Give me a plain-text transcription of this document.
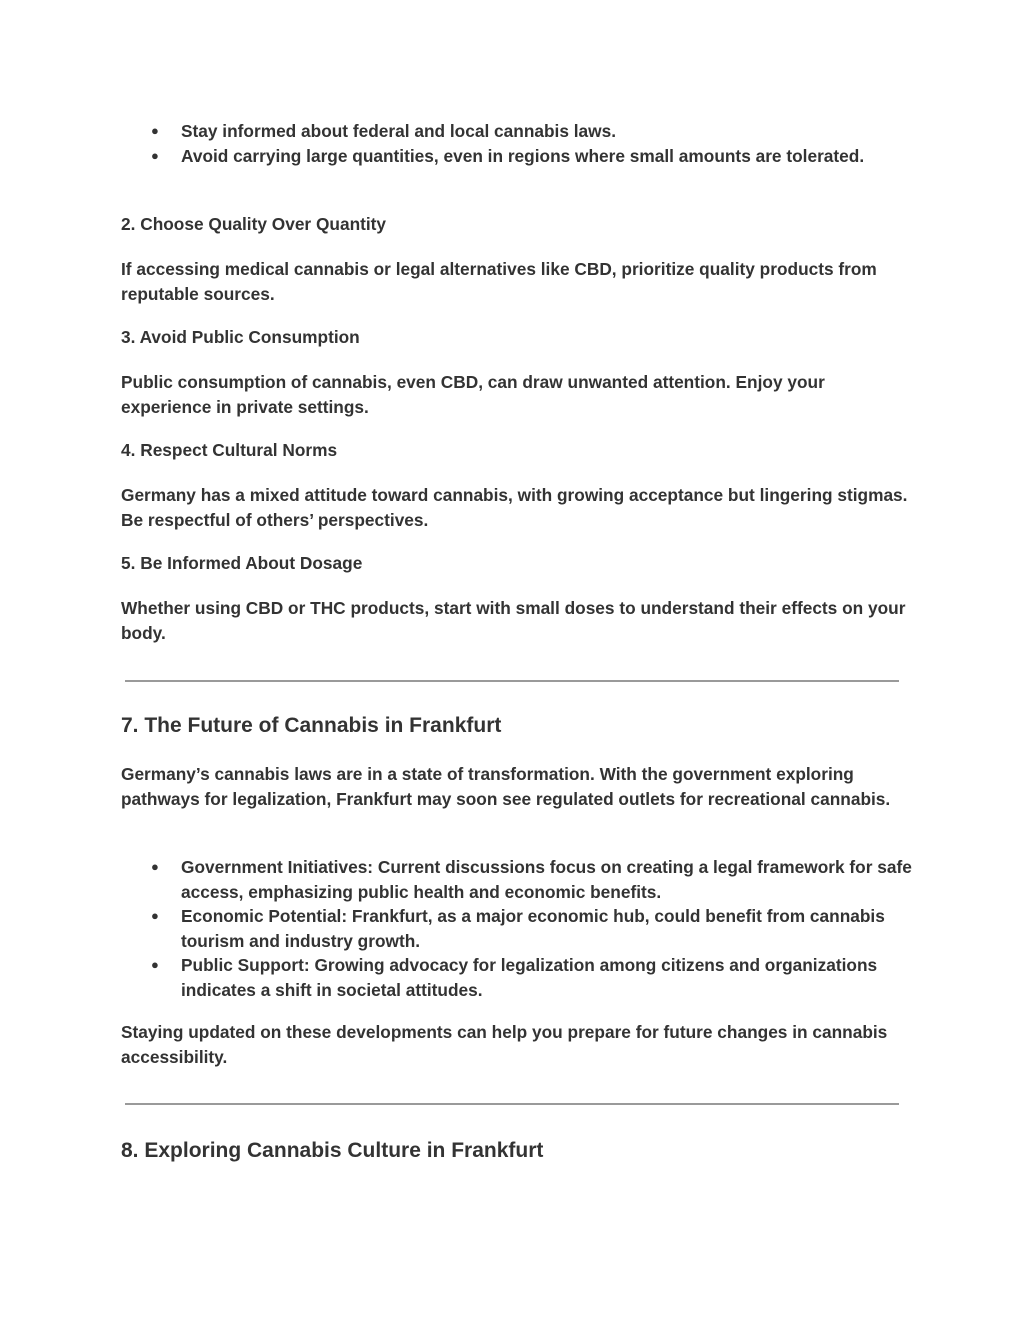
● Stay informed about federal and local cannabis laws.
● Avoid carrying large quantities, even in regions where small amounts are tolerated.

2. Choose Quality Over Quantity

If accessing medical cannabis or legal alternatives like CBD, prioritize quality products from reputable sources.

3. Avoid Public Consumption

Public consumption of cannabis, even CBD, can draw unwanted attention. Enjoy your experience in private settings.

4. Respect Cultural Norms

Germany has a mixed attitude toward cannabis, with growing acceptance but lingering stigmas. Be respectful of others’ perspectives.

5. Be Informed About Dosage

Whether using CBD or THC products, start with small doses to understand their effects on your body.

7. The Future of Cannabis in Frankfurt

Germany’s cannabis laws are in a state of transformation. With the government exploring pathways for legalization, Frankfurt may soon see regulated outlets for recreational cannabis.

● Government Initiatives: Current discussions focus on creating a legal framework for safe access, emphasizing public health and economic benefits.
● Economic Potential: Frankfurt, as a major economic hub, could benefit from cannabis tourism and industry growth.
● Public Support: Growing advocacy for legalization among citizens and organizations indicates a shift in societal attitudes.

Staying updated on these developments can help you prepare for future changes in cannabis accessibility.

8. Exploring Cannabis Culture in Frankfurt
